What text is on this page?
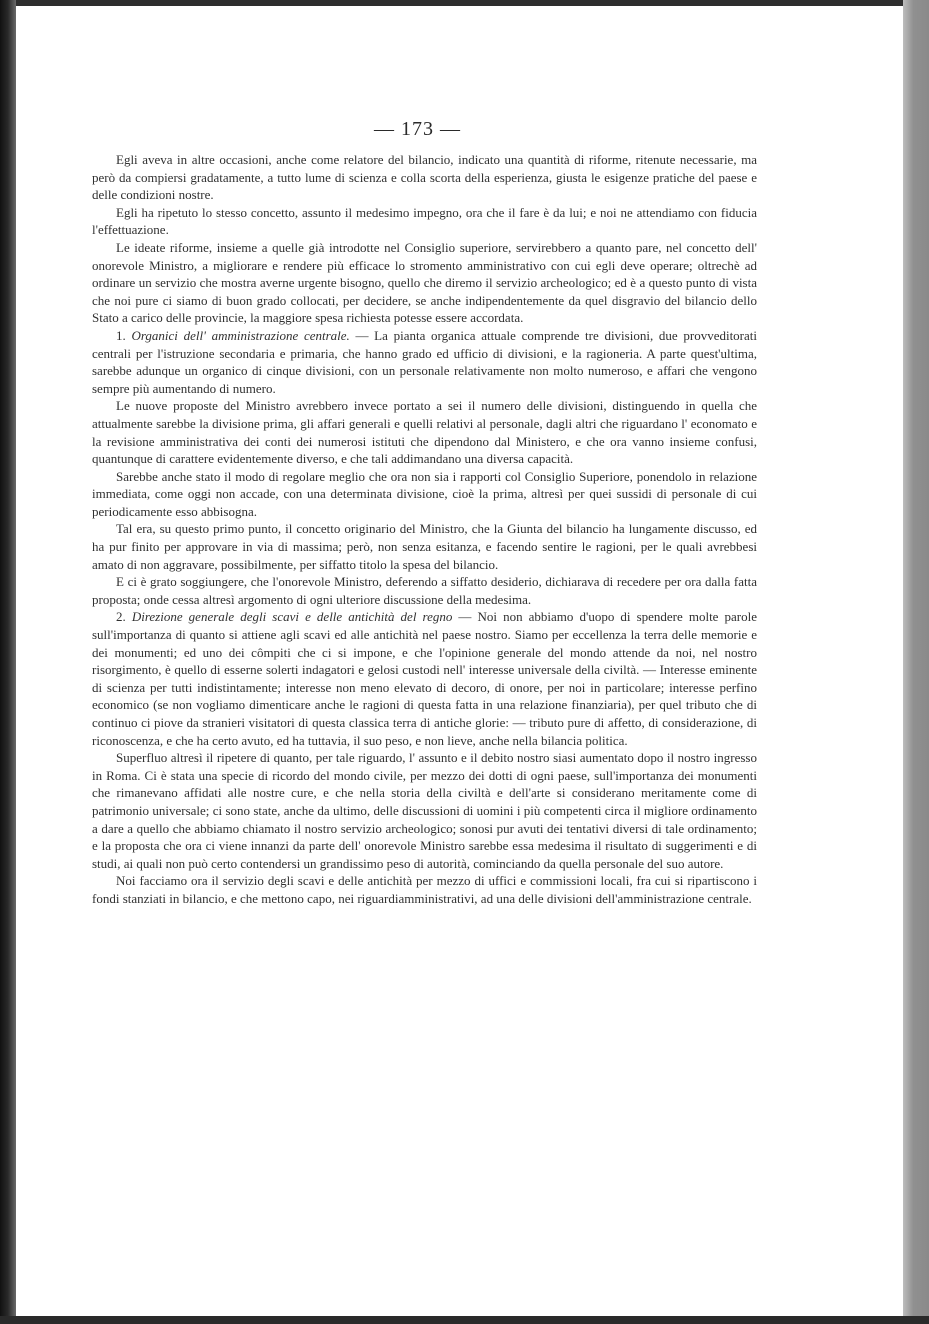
— 173 —

Egli aveva in altre occasioni, anche come relatore del bilancio, indicato una quantità di riforme, ritenute necessarie, ma però da compiersi gradatamente, a tutto lume di scienza e colla scorta della esperienza, giusta le esigenze pratiche del paese e delle condizioni nostre.

Egli ha ripetuto lo stesso concetto, assunto il medesimo impegno, ora che il fare è da lui; e noi ne attendiamo con fiducia l'effettuazione.

Le ideate riforme, insieme a quelle già introdotte nel Consiglio superiore, servirebbero a quanto pare, nel concetto dell' onorevole Ministro, a migliorare e rendere più efficace lo stromento amministrativo con cui egli deve operare; oltrechè ad ordinare un servizio che mostra averne urgente bisogno, quello che diremo il servizio archeologico; ed è a questo punto di vista che noi pure ci siamo di buon grado collocati, per decidere, se anche indipendentemente da quel disgravio del bilancio dello Stato a carico delle provincie, la maggiore spesa richiesta potesse essere accordata.

1. Organici dell' amministrazione centrale. — La pianta organica attuale comprende tre divisioni, due provveditorati centrali per l'istruzione secondaria e primaria, che hanno grado ed ufficio di divisioni, e la ragioneria. A parte quest'ultima, sarebbe adunque un organico di cinque divisioni, con un personale relativamente non molto numeroso, e affari che vengono sempre più aumentando di numero.

Le nuove proposte del Ministro avrebbero invece portato a sei il numero delle divisioni, distinguendo in quella che attualmente sarebbe la divisione prima, gli affari generali e quelli relativi al personale, dagli altri che riguardano l' economato e la revisione amministrativa dei conti dei numerosi istituti che dipendono dal Ministero, e che ora vanno insieme confusi, quantunque di carattere evidentemente diverso, e che tali addimandano una diversa capacità.

Sarebbe anche stato il modo di regolare meglio che ora non sia i rapporti col Consiglio Superiore, ponendolo in relazione immediata, come oggi non accade, con una determinata divisione, cioè la prima, altresì per quei sussidi di personale di cui periodicamente esso abbisogna.

Tal era, su questo primo punto, il concetto originario del Ministro, che la Giunta del bilancio ha lungamente discusso, ed ha pur finito per approvare in via di massima; però, non senza esitanza, e facendo sentire le ragioni, per le quali avrebbesi amato di non aggravare, possibilmente, per siffatto titolo la spesa del bilancio.

E ci è grato soggiungere, che l'onorevole Ministro, deferendo a siffatto desiderio, dichiarava di recedere per ora dalla fatta proposta; onde cessa altresì argomento di ogni ulteriore discussione della medesima.

2. Direzione generale degli scavi e delle antichità del regno — Noi non abbiamo d'uopo di spendere molte parole sull'importanza di quanto si attiene agli scavi ed alle antichità nel paese nostro. Siamo per eccellenza la terra delle memorie e dei monumenti; ed uno dei cômpiti che ci si impone, e che l'opinione generale del mondo attende da noi, nel nostro risorgimento, è quello di esserne solerti indagatori e gelosi custodi nell' interesse universale della civiltà. — Interesse eminente di scienza per tutti indistintamente; interesse non meno elevato di decoro, di onore, per noi in particolare; interesse perfino economico (se non vogliamo dimenticare anche le ragioni di questa fatta in una relazione finanziaria), per quel tributo che di continuo ci piove da stranieri visitatori di questa classica terra di antiche glorie: — tributo pure di affetto, di considerazione, di riconoscenza, e che ha certo avuto, ed ha tuttavia, il suo peso, e non lieve, anche nella bilancia politica.

Superfluo altresì il ripetere di quanto, per tale riguardo, l' assunto e il debito nostro siasi aumentato dopo il nostro ingresso in Roma. Ci è stata una specie di ricordo del mondo civile, per mezzo dei dotti di ogni paese, sull'importanza dei monumenti che rimanevano affidati alle nostre cure, e che nella storia della civiltà e dell'arte si considerano meritamente come di patrimonio universale; ci sono state, anche da ultimo, delle discussioni di uomini i più competenti circa il migliore ordinamento a dare a quello che abbiamo chiamato il nostro servizio archeologico; sonosi pur avuti dei tentativi diversi di tale ordinamento; e la proposta che ora ci viene innanzi da parte dell' onorevole Ministro sarebbe essa medesima il risultato di suggerimenti e di studi, ai quali non può certo contendersi un grandissimo peso di autorità, cominciando da quella personale del suo autore.

Noi facciamo ora il servizio degli scavi e delle antichità per mezzo di uffici e commissioni locali, fra cui si ripartiscono i fondi stanziati in bilancio, e che mettono capo, nei riguardiamministrativi, ad una delle divisioni dell'amministrazione centrale.
